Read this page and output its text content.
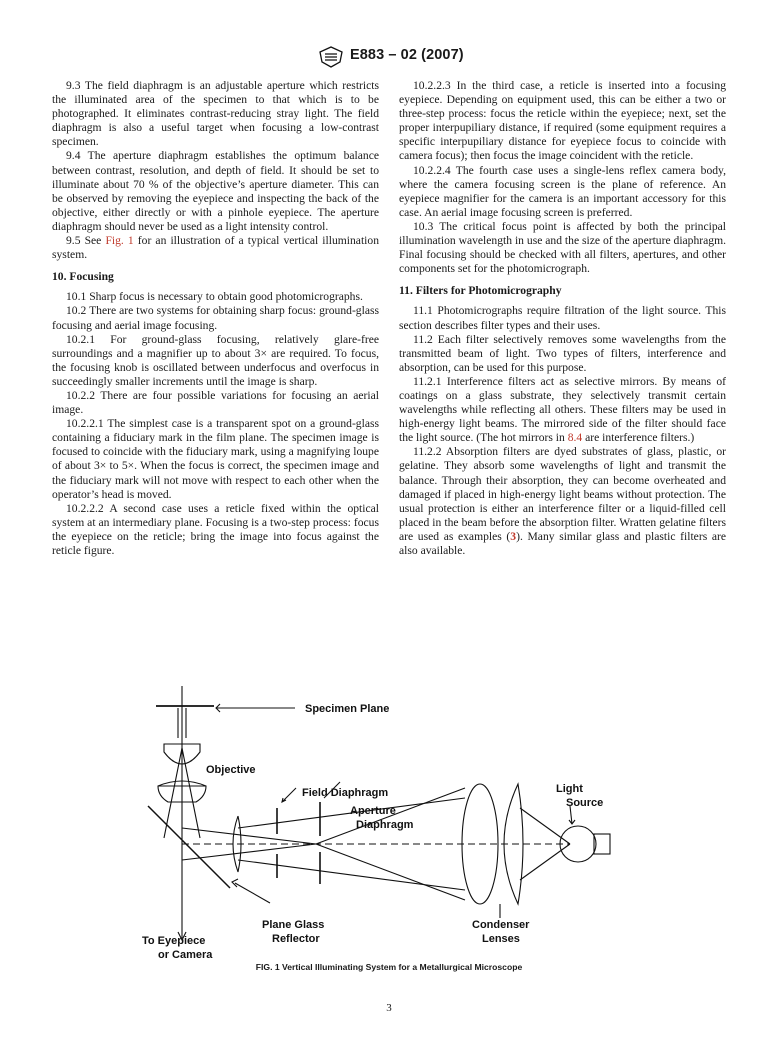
E883 – 02 (2007)

9.3 The field diaphragm is an adjustable aperture which restricts the illuminated area of the specimen to that which is to be photographed. It eliminates contrast-reducing stray light. The field diaphragm is also a useful target when focusing a low-contrast specimen.

9.4 The aperture diaphragm establishes the optimum balance between contrast, resolution, and depth of field. It should be set to illuminate about 70 % of the objective’s aperture diameter. This can be observed by removing the eyepiece and inspecting the back of the objective, either directly or with a pinhole eyepiece. The aperture diaphragm should never be used as a light intensity control.

9.5 See Fig. 1 for an illustration of a typical vertical illumination system.

10. Focusing

10.1 Sharp focus is necessary to obtain good photomicrographs.

10.2 There are two systems for obtaining sharp focus: ground-glass focusing and aerial image focusing.

10.2.1 For ground-glass focusing, relatively glare-free surroundings and a magnifier up to about 3× are required. To focus, the focusing knob is oscillated between underfocus and overfocus in succeedingly smaller increments until the image is sharp.

10.2.2 There are four possible variations for focusing an aerial image.

10.2.2.1 The simplest case is a transparent spot on a ground-glass containing a fiduciary mark in the film plane. The specimen image is focused to coincide with the fiduciary mark, using a magnifying loupe of about 3× to 5×. When the focus is correct, the specimen image and the fiduciary mark will not move with respect to each other when the operator’s head is moved.

10.2.2.2 A second case uses a reticle fixed within the optical system at an intermediary plane. Focusing is a two-step process: focus the eyepiece on the reticle; bring the image into focus against the reticle figure.

10.2.2.3 In the third case, a reticle is inserted into a focusing eyepiece. Depending on equipment used, this can be either a two or three-step process: focus the reticle within the eyepiece; next, set the proper interpupiliary distance, if required (some equipment requires a specific interpupiliary distance for eyepiece focus to coincide with camera focus); then focus the image coincident with the reticle.

10.2.2.4 The fourth case uses a single-lens reflex camera body, where the camera focusing screen is the plane of reference. An eyepiece magnifier for the camera is an important accessory for this case. An aerial image focusing screen is preferred.

10.3 The critical focus point is affected by both the principal illumination wavelength in use and the size of the aperture diaphragm. Final focusing should be checked with all filters, apertures, and other components set for the photomicrograph.

11. Filters for Photomicrography

11.1 Photomicrographs require filtration of the light source. This section describes filter types and their uses.

11.2 Each filter selectively removes some wavelengths from the transmitted beam of light. Two types of filters, interference and absorption, can be used for this purpose.

11.2.1 Interference filters act as selective mirrors. By means of coatings on a glass substrate, they selectively transmit certain wavelengths while reflecting all others. These filters may be used in high-energy light beams. The mirrored side of the filter should face the light source. (The hot mirrors in 8.4 are interference filters.)

11.2.2 Absorption filters are dyed substrates of glass, plastic, or gelatine. They absorb some wavelengths of light and transmit the balance. Through their absorption, they can become overheated and damaged if placed in high-energy light beams without protection. The usual protection is either an interference filter or a liquid-filled cell placed in the beam before the absorption filter. Wratten gelatine filters are used as examples (3). Many similar glass and plastic filters are also available.

Specimen Plane
Objective
Field Diaphragm
Aperture
Diaphragm
Light
Source
Plane Glass
Reflector
Condenser
Lenses
To Eyepiece
or Camera
FIG. 1 Vertical Illuminating System for a Metallurgical Microscope
3
